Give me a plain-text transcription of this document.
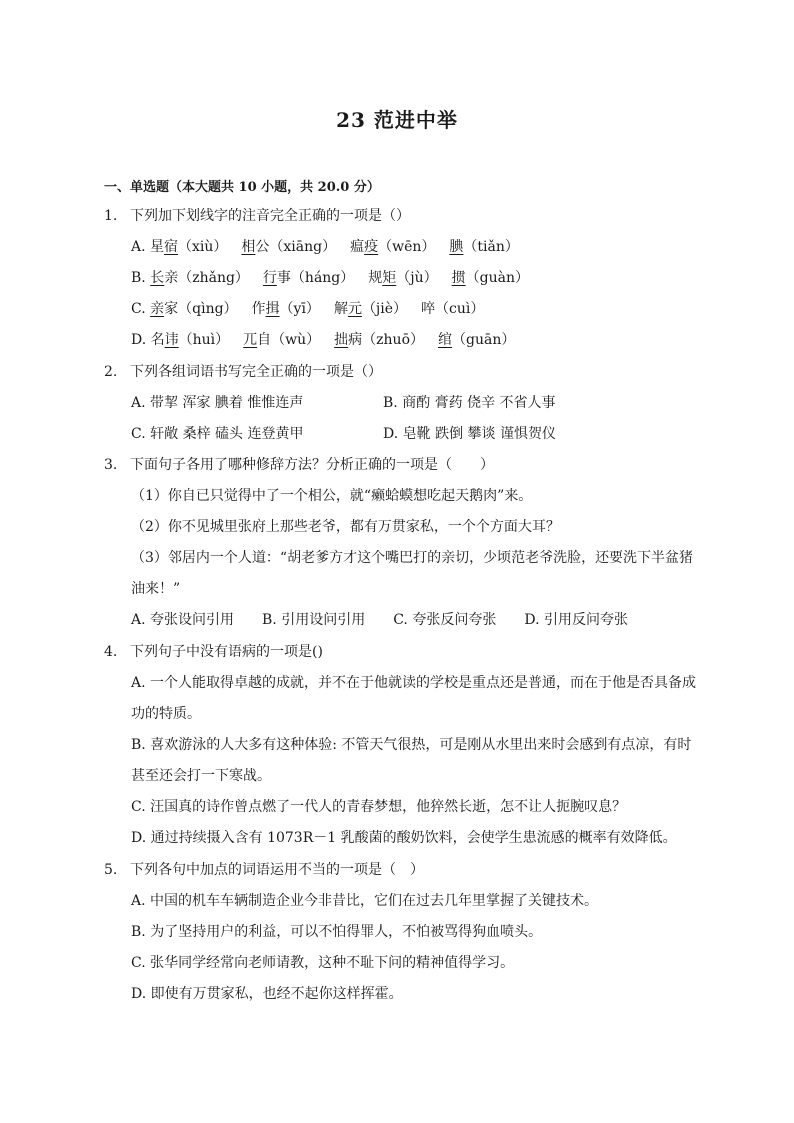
23 范进中举
一、单选题（本大题共 10 小题，共 20.0 分）
1. 下列加下划线字的注音完全正确的一项是（）
A. 星宿（xiù） 相公（xiāng） 瘟疫（wēn） 腆（tiǎn）
B. 长亲（zhǎng） 行事（háng） 规矩（jù） 掼（guàn）
C. 亲家（qìng） 作揖（yī） 解元（jiè） 啐（cuì）
D. 名讳（huì） 兀自（wù） 拙病（zhuō） 绾（guān）
2. 下列各组词语书写完全正确的一项是（）
A. 带挈 浑家 腆着 惟惟连声	B. 商酌 膏药 侥辛 不省人事
C. 轩敞 桑梓 磕头 连登黄甲	D. 皂靴 跌倒 攀谈 谨惧贺仪
3. 下面句子各用了哪种修辞方法？分析正确的一项是（　　）
（1）你自已只觉得中了一个相公，就“癞蛤蟆想吃起天鹅肉”来。
（2）你不见城里张府上那些老爷，都有万贯家私，一个个方面大耳？
（3）邻居内一个人道：“胡老爹方才这个嘴巴打的亲切，少顷范老爷洗脸，还要洗下半盆猪油来！”
A. 夸张设问引用 B. 引用设问引用 C. 夸张反问夸张 D. 引用反问夸张
4. 下列句子中没有语病的一项是()
A. 一个人能取得卓越的成就，并不在于他就读的学校是重点还是普通，而在于他是否具备成功的特质。
B. 喜欢游泳的人大多有这种体验: 不管天气很热，可是刚从水里出来时会感到有点凉，有时甚至还会打一下寒战。
C. 汪国真的诗作曾点燃了一代人的青春梦想，他猝然长逝，怎不让人扼腕叹息？
D. 通过持续摄入含有 1073R－1 乳酸菌的酸奶饮料，会使学生患流感的概率有效降低。
5. 下列各句中加点的词语运用不当的一项是（　）
A. 中国的机车车辆制造企业今非昔比，它们在过去几年里掌握了关键技术。
B. 为了坚持用户的利益，可以不怕得罪人，不怕被骂得狗血喷头。
C. 张华同学经常向老师请教，这种不耻下问的精神值得学习。
D. 即使有万贯家私，也经不起你这样挥霍。
